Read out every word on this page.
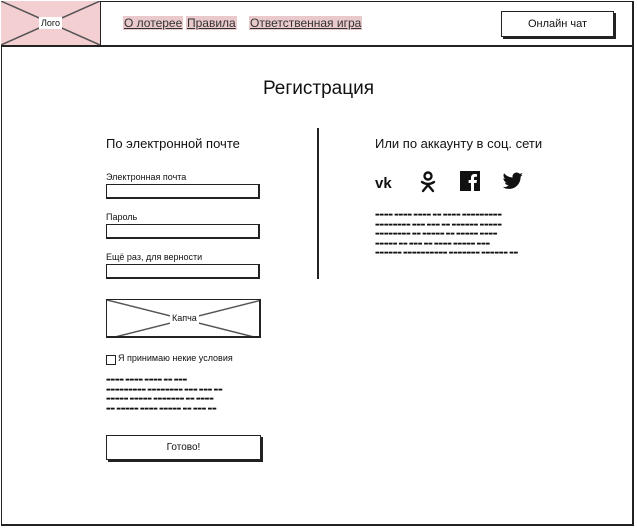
Лого	О лотерее Правила Ответственная игра	Онлайн чат
Регистрация
По электронной почте
Электронная почта
Пароль
Ещё раз, для верности
Капча
Я принимаю некие условия
▬▬▬▬ ▬▬▬▬ ▬▬▬▬ ▬▬ ▬▬▬
▬▬▬▬▬▬▬▬▬ ▬▬▬▬▬▬▬▬ ▬▬▬ ▬▬▬ ▬▬
▬▬▬▬▬ ▬▬▬▬▬ ▬▬▬▬▬▬▬ ▬▬ ▬▬▬▬
▬▬ ▬▬▬▬▬ ▬▬▬▬ ▬▬▬▬▬ ▬▬ ▬▬▬ ▬▬
Готово!
Или по аккаунту в соц. сети
vk
▬▬▬▬ ▬▬▬▬ ▬▬▬▬ ▬▬ ▬▬▬▬ ▬▬▬▬▬▬▬▬▬
▬▬▬▬▬▬▬▬ ▬▬▬ ▬▬▬ ▬▬ ▬▬▬▬▬▬ ▬▬▬▬▬
▬▬▬▬▬▬▬▬ ▬▬ ▬▬▬▬▬ ▬▬ ▬▬▬▬▬ ▬▬▬▬
▬▬▬▬▬ ▬▬ ▬▬▬ ▬▬ ▬▬▬▬ ▬▬▬▬▬ ▬▬▬
▬▬▬▬▬▬ ▬▬▬▬▬▬▬▬▬▬ ▬▬▬▬▬▬▬ ▬▬▬▬▬▬ ▬▬
